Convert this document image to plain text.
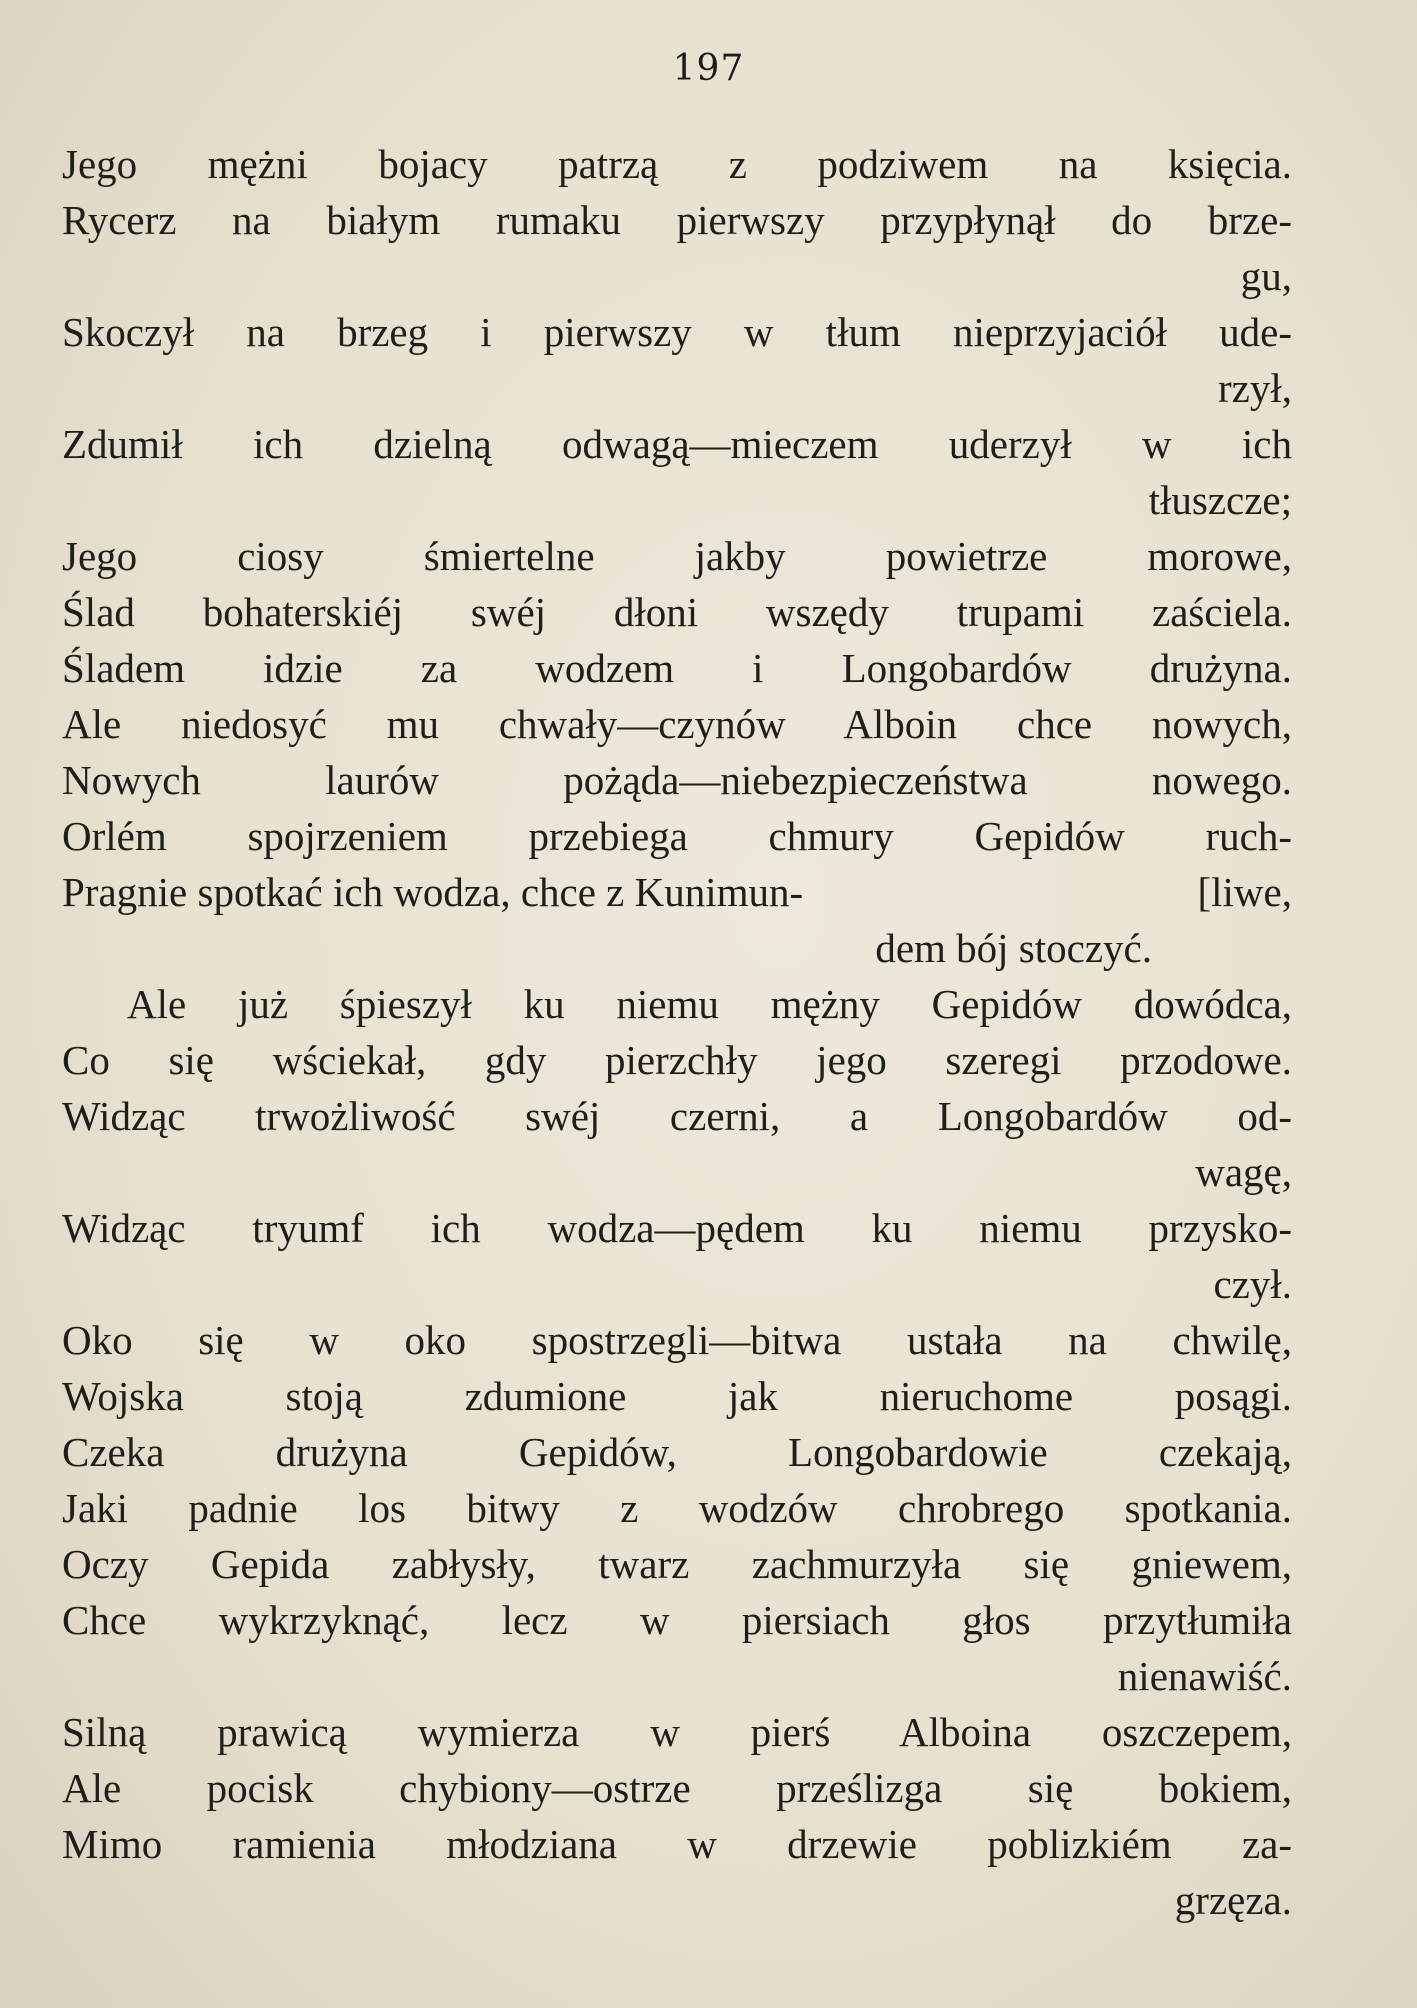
197
Jego mężni bojacy patrzą z podziwem na księcia.
Rycerz na białym rumaku pierwszy przypłynął do brze-
gu,
Skoczył na brzeg i pierwszy w tłum nieprzyjaciół ude-
rzył,
Zdumił ich dzielną odwagą—mieczem uderzył w ich
tłuszcze;
Jego ciosy śmiertelne jakby powietrze morowe,
Ślad bohaterskiéj swéj dłoni wszędy trupami zaściela.
Śladem idzie za wodzem i Longobardów drużyna.
Ale niedosyć mu chwały—czynów Alboin chce nowych,
Nowych laurów pożąda—niebezpieczeństwa nowego.
Orlém spojrzeniem przebiega chmury Gepidów ruch-
Pragnie spotkać ich wodza, chce z Kunimun-	[liwe,
dem bój stoczyć.
Ale już śpieszył ku niemu mężny Gepidów dowódca,
Co się wściekał, gdy pierzchły jego szeregi przodowe.
Widząc trwożliwość swéj czerni, a Longobardów od-
wagę,
Widząc tryumf ich wodza—pędem ku niemu przysko-
czył.
Oko się w oko spostrzegli—bitwa ustała na chwilę,
Wojska stoją zdumione jak nieruchome posągi.
Czeka drużyna Gepidów, Longobardowie czekają,
Jaki padnie los bitwy z wodzów chrobrego spotkania.
Oczy Gepida zabłysły, twarz zachmurzyła się gniewem,
Chce wykrzyknąć, lecz w piersiach głos przytłumiła
nienawiść.
Silną prawicą wymierza w pierś Alboina oszczepem,
Ale pocisk chybiony—ostrze prześlizga się bokiem,
Mimo ramienia młodziana w drzewie poblizkiém za-
grzęza.
